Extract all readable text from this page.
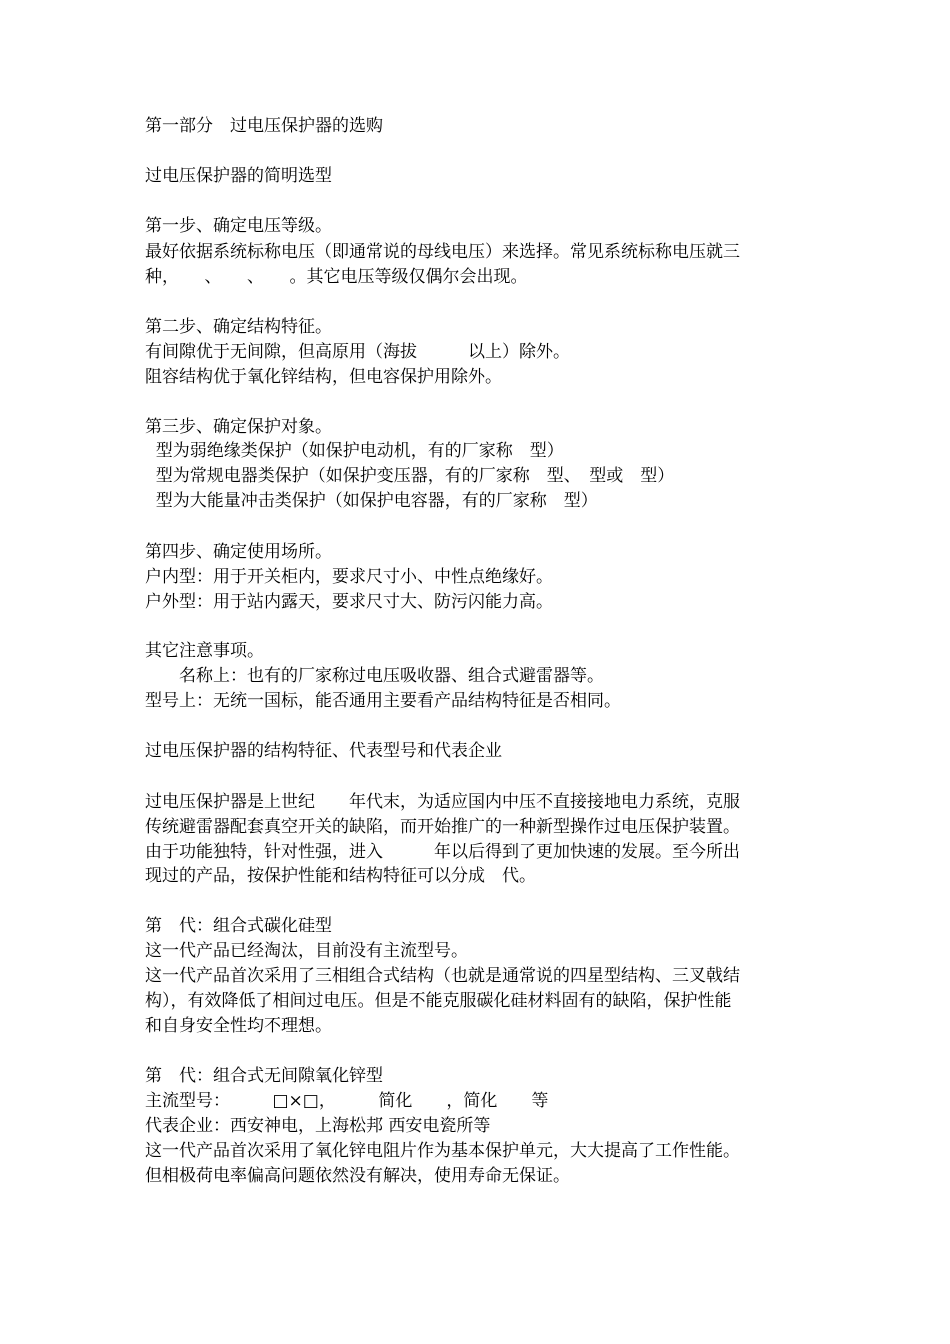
第一部分　过电压保护器的选购
过电压保护器的简明选型
第一步、确定电压等级。
最好依据系统标称电压（即通常说的母线电压）来选择。常见系统标称电压就三
种，　　、　　、　　。其它电压等级仅偶尔会出现。
第二步、确定结构特征。
有间隙优于无间隙，但高原用（海拔　　　以上）除外。
阻容结构优于氧化锌结构，但电容保护用除外。
第三步、确定保护对象。
型为弱绝缘类保护（如保护电动机，有的厂家称　型）
型为常规电器类保护（如保护变压器，有的厂家称　型、　型或　型）
型为大能量冲击类保护（如保护电容器，有的厂家称　型）
第四步、确定使用场所。
户内型：用于开关柜内，要求尺寸小、中性点绝缘好。
户外型：用于站内露天，要求尺寸大、防污闪能力高。
其它注意事项。
　　名称上：也有的厂家称过电压吸收器、组合式避雷器等。
型号上：无统一国标，能否通用主要看产品结构特征是否相同。
过电压保护器的结构特征、代表型号和代表企业
过电压保护器是上世纪　　年代末，为适应国内中压不直接接地电力系统，克服
传统避雷器配套真空开关的缺陷，而开始推广的一种新型操作过电压保护装置。
由于功能独特，针对性强，进入　　　年以后得到了更加快速的发展。至今所出
现过的产品，按保护性能和结构特征可以分成　代。
第　代：组合式碳化硅型
这一代产品已经淘汰，目前没有主流型号。
这一代产品首次采用了三相组合式结构（也就是通常说的四星型结构、三叉戟结
构），有效降低了相间过电压。但是不能克服碳化硅材料固有的缺陷，保护性能
和自身安全性均不理想。
第　代：组合式无间隙氧化锌型
主流型号：　　　□×□，　　　简化　　，简化　　等
代表企业：西安神电，上海松邦 西安电瓷所等
这一代产品首次采用了氧化锌电阻片作为基本保护单元，大大提高了工作性能。
但相极荷电率偏高问题依然没有解决，使用寿命无保证。
